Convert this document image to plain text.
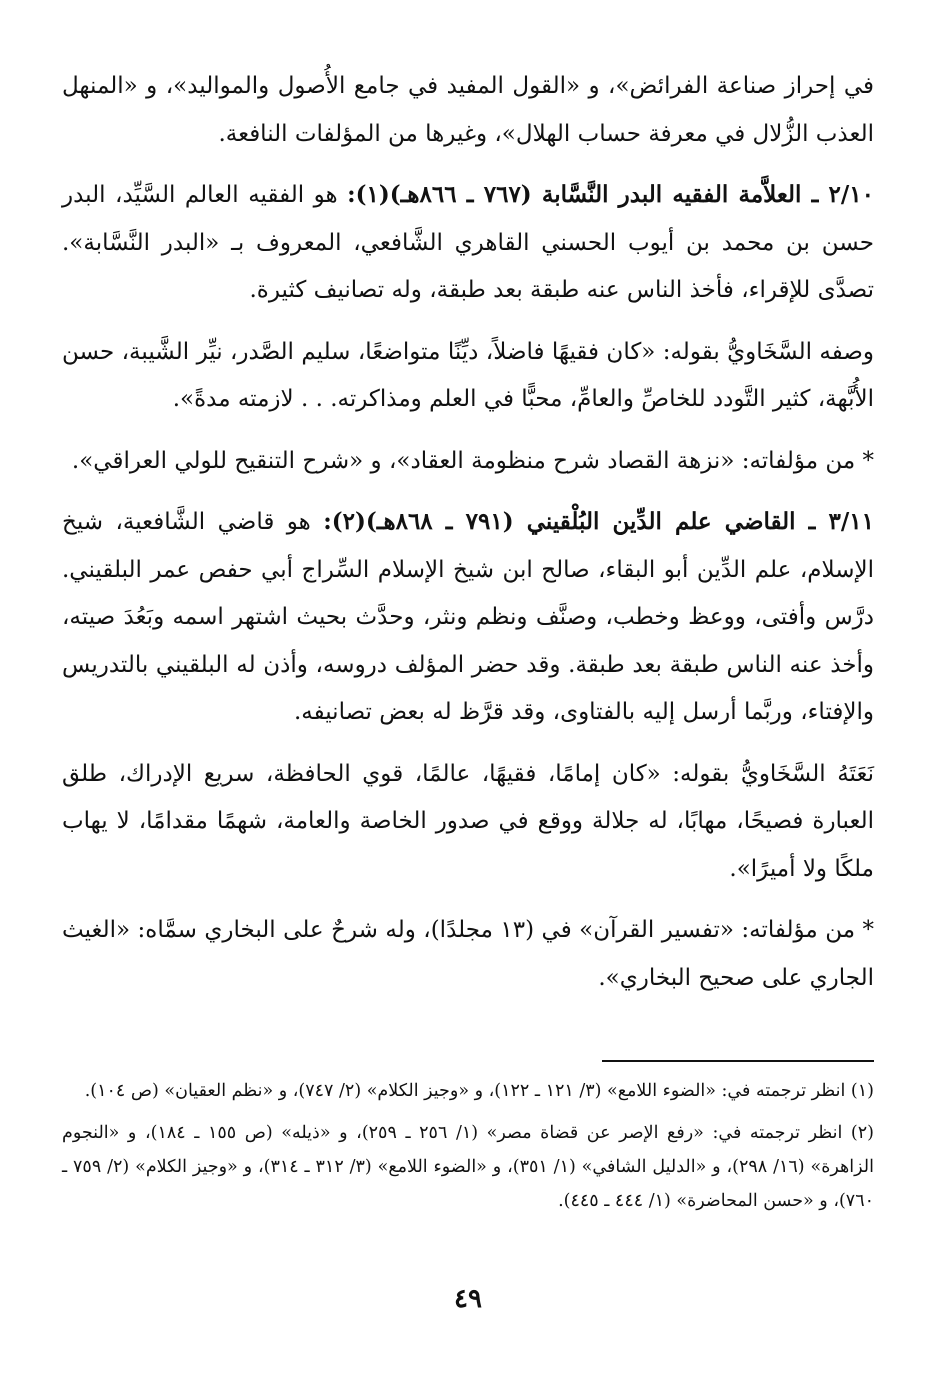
في إحراز صناعة الفرائض»، و «القول المفيد في جامع الأُصول والمواليد»، و «المنهل العذب الزُّلال في معرفة حساب الهلال»، وغيرها من المؤلفات النافعة.

٢/١٠ ـ العلاَّمة الفقيه البدر النَّسَّابة (٧٦٧ ـ ٨٦٦هـ)(١): هو الفقيه العالم السَّيِّد، البدر حسن بن محمد بن أيوب الحسني القاهري الشَّافعي، المعروف بـ «البدر النَّسَّابة». تصدَّى للإقراء، فأخذ الناس عنه طبقة بعد طبقة، وله تصانيف كثيرة.

وصفه السَّخَاويُّ بقوله: «كان فقيهًا فاضلاً، ديِّنًا متواضعًا، سليم الصَّدر، نيِّر الشَّيبة، حسن الأُبَّهة، كثير التَّودد للخاصِّ والعامِّ، محبًّا في العلم ومذاكرته. . . لازمته مدةً».

* من مؤلفاته: «نزهة القصاد شرح منظومة العقاد»، و «شرح التنقيح للولي العراقي».

٣/١١ ـ القاضي علم الدِّين البُلْقيني (٧٩١ ـ ٨٦٨هـ)(٢): هو قاضي الشَّافعية، شيخ الإسلام، علم الدِّين أبو البقاء، صالح ابن شيخ الإسلام السِّراج أبي حفص عمر البلقيني. درَّس وأفتى، ووعظ وخطب، وصنَّف ونظم ونثر، وحدَّث بحيث اشتهر اسمه وبَعُدَ صيته، وأخذ عنه الناس طبقة بعد طبقة. وقد حضر المؤلف دروسه، وأذن له البلقيني بالتدريس والإفتاء، وربَّما أرسل إليه بالفتاوى، وقد قرَّظ له بعض تصانيفه.

نَعَتَهُ السَّخَاويُّ بقوله: «كان إمامًا، فقيهًا، عالمًا، قوي الحافظة، سريع الإدراك، طلق العبارة فصيحًا، مهابًا، له جلالة ووقع في صدور الخاصة والعامة، شهمًا مقدامًا، لا يهاب ملكًا ولا أميرًا».

* من مؤلفاته: «تفسير القرآن» في (١٣ مجلدًا)، وله شرحٌ على البخاري سمَّاه: «الغيث الجاري على صحيح البخاري».

(١) انظر ترجمته في: «الضوء اللامع» (٣/ ١٢١ ـ ١٢٢)، و «وجيز الكلام» (٢/ ٧٤٧)، و «نظم العقيان» (ص ١٠٤).

(٢) انظر ترجمته في: «رفع الإصر عن قضاة مصر» (١/ ٢٥٦ ـ ٢٥٩)، و «ذيله» (ص ١٥٥ ـ ١٨٤)، و «النجوم الزاهرة» (١٦/ ٢٩٨)، و «الدليل الشافي» (١/ ٣٥١)، و «الضوء اللامع» (٣/ ٣١٢ ـ ٣١٤)، و «وجيز الكلام» (٢/ ٧٥٩ ـ ٧٦٠)، و «حسن المحاضرة» (١/ ٤٤٤ ـ ٤٤٥).

٤٩
